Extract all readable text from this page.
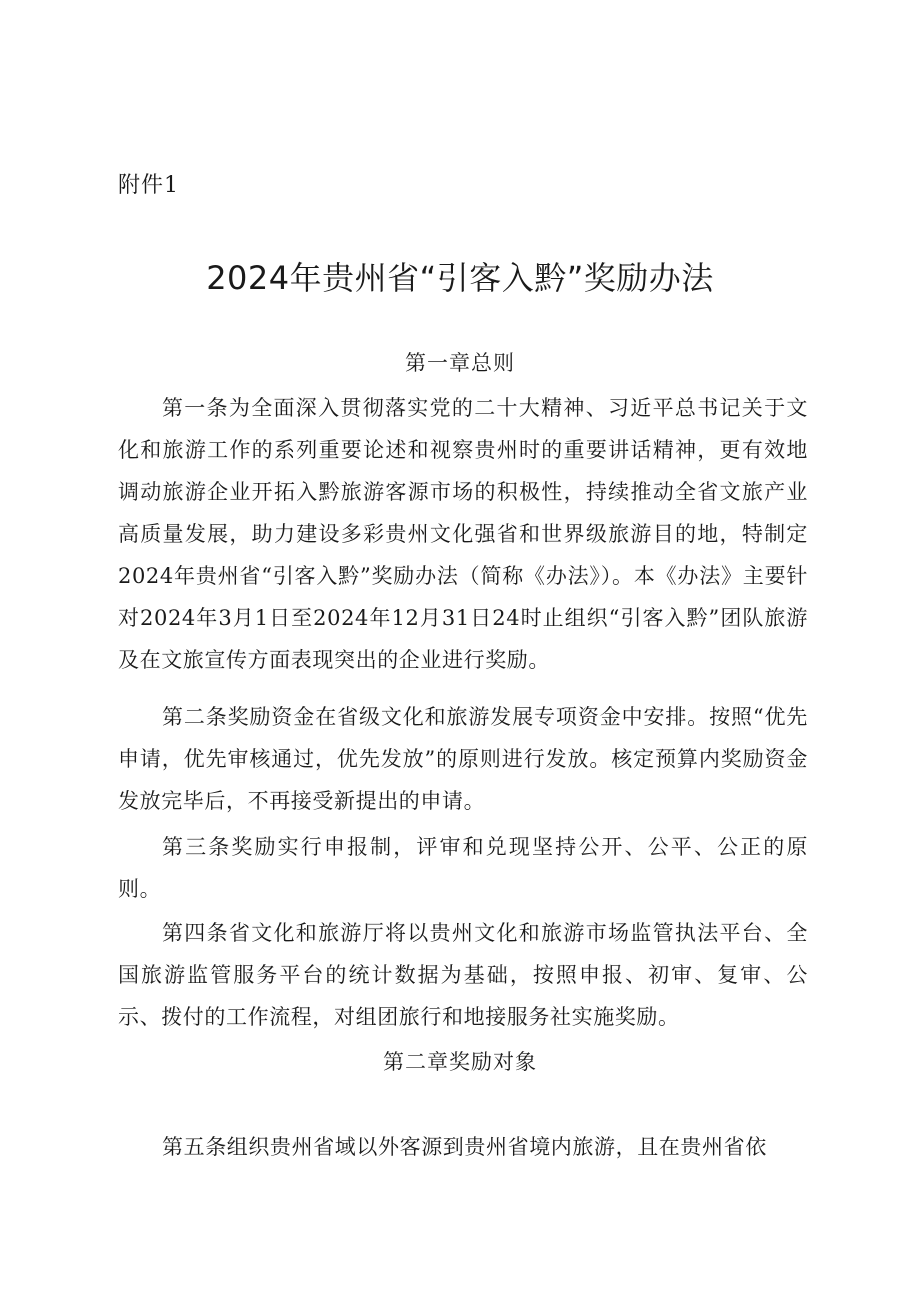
附件1
2024年贵州省“引客入黔”奖励办法
第一章总则

第一条为全面深入贯彻落实党的二十大精神、习近平总书记关于文化和旅游工作的系列重要论述和视察贵州时的重要讲话精神，更有效地调动旅游企业开拓入黔旅游客源市场的积极性，持续推动全省文旅产业高质量发展，助力建设多彩贵州文化强省和世界级旅游目的地，特制定2024年贵州省“引客入黔”奖励办法（简称《办法》）。本《办法》主要针对2024年3月1日至2024年12月31日24时止组织“引客入黔”团队旅游及在文旅宣传方面表现突出的企业进行奖励。

第二条奖励资金在省级文化和旅游发展专项资金中安排。按照“优先申请，优先审核通过，优先发放”的原则进行发放。核定预算内奖励资金发放完毕后，不再接受新提出的申请。

第三条奖励实行申报制，评审和兑现坚持公开、公平、公正的原则。

第四条省文化和旅游厅将以贵州文化和旅游市场监管执法平台、全国旅游监管服务平台的统计数据为基础，按照申报、初审、复审、公示、拨付的工作流程，对组团旅行和地接服务社实施奖励。

第二章奖励对象

第五条组织贵州省域以外客源到贵州省境内旅游，且在贵州省依
